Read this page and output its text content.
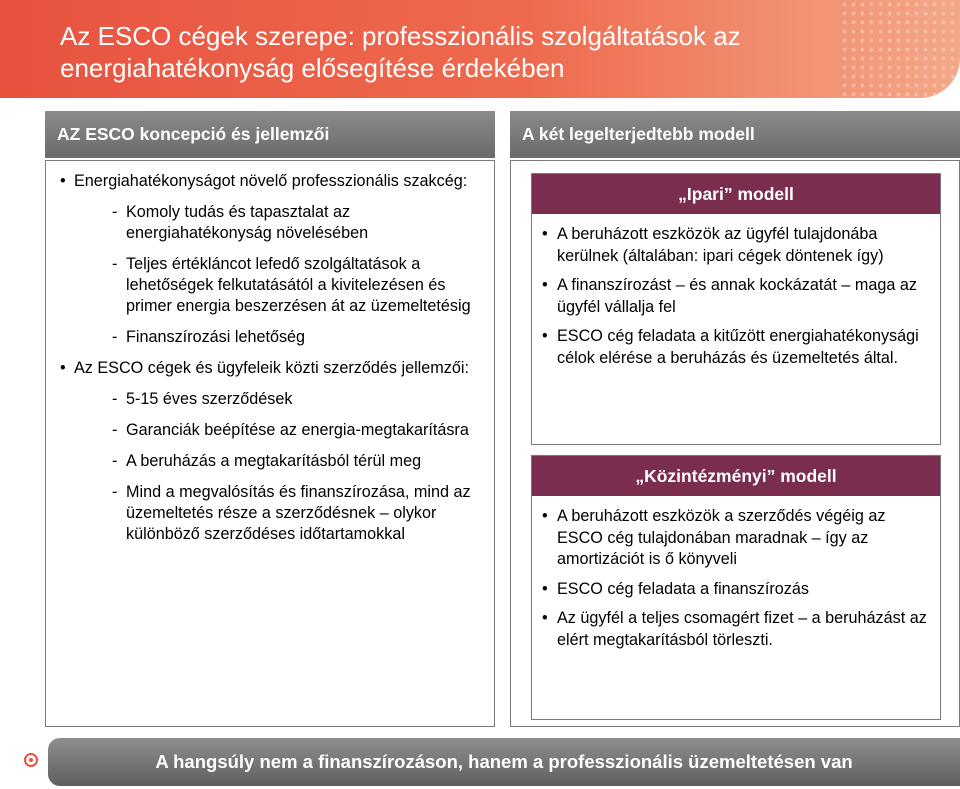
Az ESCO cégek szerepe: professzionális szolgáltatások az energiahatékonyság elősegítése érdekében
AZ ESCO koncepció és jellemzői	A két legelterjedtebb modell
• Energiahatékonyságot növelő professzionális szakcég:
- Komoly tudás és tapasztalat az energiahatékonyság növelésében
- Teljes értékláncot lefedő szolgáltatások a lehetőségek felkutatásától a kivitelezésen és primer energia beszerzésen át az üzemeltetésig
- Finanszírozási lehetőség
• Az ESCO cégek és ügyfeleik közti szerződés jellemzői:
- 5-15 éves szerződések
- Garanciák beépítése az energia-megtakarításra
- A beruházás a megtakarításból térül meg
- Mind a megvalósítás és finanszírozása, mind az üzemeltetés része a szerződésnek – olykor különböző szerződéses időtartamokkal
„Ipari” modell
• A beruházott eszközök az ügyfél tulajdonába kerülnek (általában: ipari cégek döntenek így)
• A finanszírozást – és annak kockázatát – maga az ügyfél vállalja fel
• ESCO cég feladata a kitűzött energiahatékonysági célok elérése a beruházás és üzemeltetés által.
„Közintézményi” modell
• A beruházott eszközök a szerződés végéig az ESCO cég tulajdonában maradnak – így az amortizációt is ő könyveli
• ESCO cég feladata a finanszírozás
• Az ügyfél a teljes csomagért fizet – a beruházást az elért megtakarításból törleszti.
A hangsúly nem a finanszírozáson, hanem a professzionális üzemeltetésen van
